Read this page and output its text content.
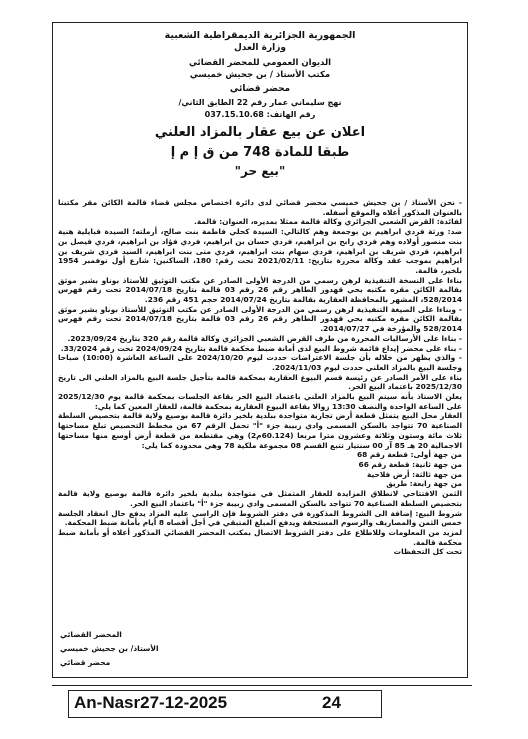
الجمهورية الجزائرية الديمقراطية الشعبية
وزارة العدل
الديوان العمومي للمحضر القضائي
مكتب الأستاذ / بن جحيش خميسي
محضر قضائي
نهج سليماني عمار رقم 22 الطابق الثاني/
رقم الهاتف: 037.15.10.68
اعلان عن بيع عقار بالمزاد العلني
طبقا للمادة 748 من ق إ م إ
"بيع حر"

- نحن الأستاذ / بن جحيش خميسي محضر قضائي لدى دائرة اختصاص مجلس قضاء قالمة الكائن مقر مكتبنا بالعنوان المذكور أعلاه والموقع أسفله.

لفائدة: القرض الشعبي الجزائري وكالة قالمة ممثلا بمديره، العنوان: قالمة.

ضد: ورثة فردي ابراهيم بن بوجمعة وهم كالتالي: السيدة كحلي فاطمة بنت صالح، أرملته؛ السيدة قبايلية هنية بنت منصور أولاده وهم فردي رابح بن ابراهيم، فردي حسان بن ابراهيم، فردي فؤاد بن ابراهيم، فردي فيصل بن ابراهيم، فردي شريف بن ابراهيم، فردي سهام بنت ابراهيم، فردي منى بنت ابراهيم، السيد فردي شريف بن ابراهيم بموجب عقد وكالة محررة بتاريخ: 2021/02/11 تحت رقم: 180، الساكنين: شارع أول نوفمبر 1954 بلخير، قالمة.

بناءا على النسخة التنفيذية لرهن رسمي من الدرجة الأولى الصادر عن مكتب التوثيق للأستاذ بوناو بشير موثق بقالمة الكائن مقره مكتبه بحي قهدور الطاهر رقم 26 رقم 03 قالمة بتاريخ 2014/07/18 تحت رقم فهرس 528/2014، المشهر بالمحافظة العقارية بقالمة بتاريخ 2014/07/24 حجم 451 رقم 236.

- وبناءا على الصيغة التنفيذية لرهن رسمي من الدرجة الأولى الصادر عن مكتب التوثيق للأستاذ بوناو بشير موثق بقالمة الكائن مقره مكتبه بحي قهدور الطاهر رقم 26 رقم 03 قالمة بتاريخ 2014/07/18 تحت رقم فهرس 528/2014 والمؤرخة في 2014/07/27.

- بناءا على الأرساليات المحررة من طرف القرض الشعبي الجزائري وكالة قالمة رقم 320 بتاريخ 2023/09/24.

- بناء على محضر إيداع قائمة شروط البيع لدى أمانة ضبط محكمة قالمة بتاريخ 2024/09/24 تحت رقم 33/2024.

- والذي يظهر من خلاله بأن جلسة الاعتراضات حددت ليوم 2024/10/20 على الساعة العاشرة (10:00) صباحا وجلسة البيع بالمزاد العلني حددت ليوم 2024/11/03.

بناء على الأمر الصادر عن رئيسة قسم البيوع العقارية بمحكمة قالمة بتأجيل جلسة البيع بالمزاد العلني الى تاريخ 2025/12/30 باعتماد البيع الحر.

يعلن الاستاذ بأنه سيتم البيع بالمزاد العلني باعتماد البيع الحر بقاعة الجلسات بمحكمة قالمة يوم 2025/12/30 على الساعة الواحدة والنصف 13:30 زوالا بقاعة البيوع العقارية بمحكمة قالمة، للعقار المعين كما يلي:

العقار محل البيع يتمثل قطعة أرض تجارية متواجدة ببلدية بلخير دائرة قالمة بوصيع ولاية قالمة بتحصيص السلطة الصناعية 70 تتواجد بالسكن المسمى وادي زبيبة جزء "أ" تحمل الرقم 67 من مخطط التحصيص تبلغ مساحتها ثلاث مائة وستون وثلاثة وعشرون مترا مربعا (60.124م2) وهي مقتطعة من قطعة أرض أوسع منها مساحتها الاجمالية 20 هـ 85 آر 00 سنتيار تتبع القسم 08 مجموعة ملكية 78 وهي محدودة كما يلي:

من جهة أولى: قطعة رقم 68

من جهة ثانية: قطعة رقم 66

من جهة ثالثة: أرض فلاحية

من جهة رابعة: طريق

الثمن الافتتاحي لانطلاق المزايدة للعقار المتمثل في متواجدة ببلدية بلخير دائرة قالمة بوصيع ولاية قالمة بتحصيص السلطة الصناعية 70 تتواجد بالسكن المسمى وادي زبيبة جزء "أ" باعتماد البيع الحر.

شروط البيع: إضافة الى الشروط المذكورة في دفتر الشروط فإن الراسي عليه المزاد يدفع حال انعقاد الجلسة خمس الثمن والمصاريف والرسوم المستحقة ويدفع المبلغ المتبقي في أجل أقصاه 8 أيام بأمانة ضبط المحكمة.

لمزيد من المعلومات وللاطلاع على دفتر الشروط الاتصال بمكتب المحضر القضائي المذكور أعلاه أو بأمانة ضبط محكمة قالمة.

تحت كل التحفظات

المحضر القضائي
الأستاذ/ بن جحيش خميسي
محضر قضائي
An-Nasr27-12-2025	24
